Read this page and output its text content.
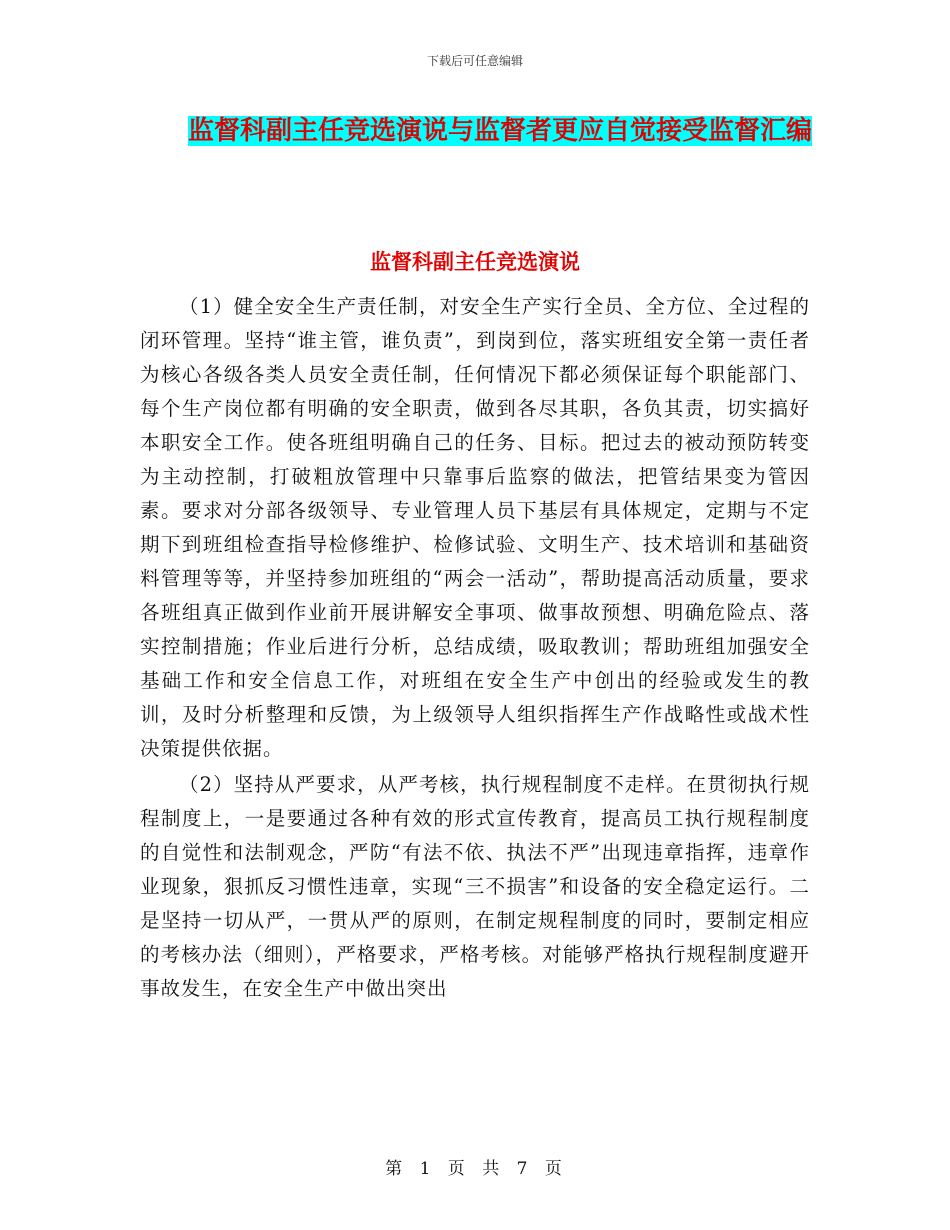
下载后可任意编辑
监督科副主任竞选演说与监督者更应自觉接受监督汇编
监督科副主任竞选演说

（1）健全安全生产责任制，对安全生产实行全员、全方位、全过程的闭环管理。坚持“谁主管，谁负责”，到岗到位，落实班组安全第一责任者为核心各级各类人员安全责任制，任何情况下都必须保证每个职能部门、每个生产岗位都有明确的安全职责，做到各尽其职，各负其责，切实搞好本职安全工作。使各班组明确自己的任务、目标。把过去的被动预防转变为主动控制，打破粗放管理中只靠事后监察的做法，把管结果变为管因素。要求对分部各级领导、专业管理人员下基层有具体规定，定期与不定期下到班组检查指导检修维护、检修试验、文明生产、技术培训和基础资料管理等等，并坚持参加班组的“两会一活动”，帮助提高活动质量，要求各班组真正做到作业前开展讲解安全事项、做事故预想、明确危险点、落实控制措施；作业后进行分析，总结成绩，吸取教训；帮助班组加强安全基础工作和安全信息工作，对班组在安全生产中创出的经验或发生的教训，及时分析整理和反馈，为上级领导人组织指挥生产作战略性或战术性决策提供依据。

（2）坚持从严要求，从严考核，执行规程制度不走样。在贯彻执行规程制度上，一是要通过各种有效的形式宣传教育，提高员工执行规程制度的自觉性和法制观念，严防“有法不依、执法不严”出现违章指挥，违章作业现象，狠抓反习惯性违章，实现“三不损害”和设备的安全稳定运行。二是坚持一切从严，一贯从严的原则，在制定规程制度的同时，要制定相应的考核办法（细则），严格要求，严格考核。对能够严格执行规程制度避开事故发生，在安全生产中做出突出

第 1 页 共 7 页
